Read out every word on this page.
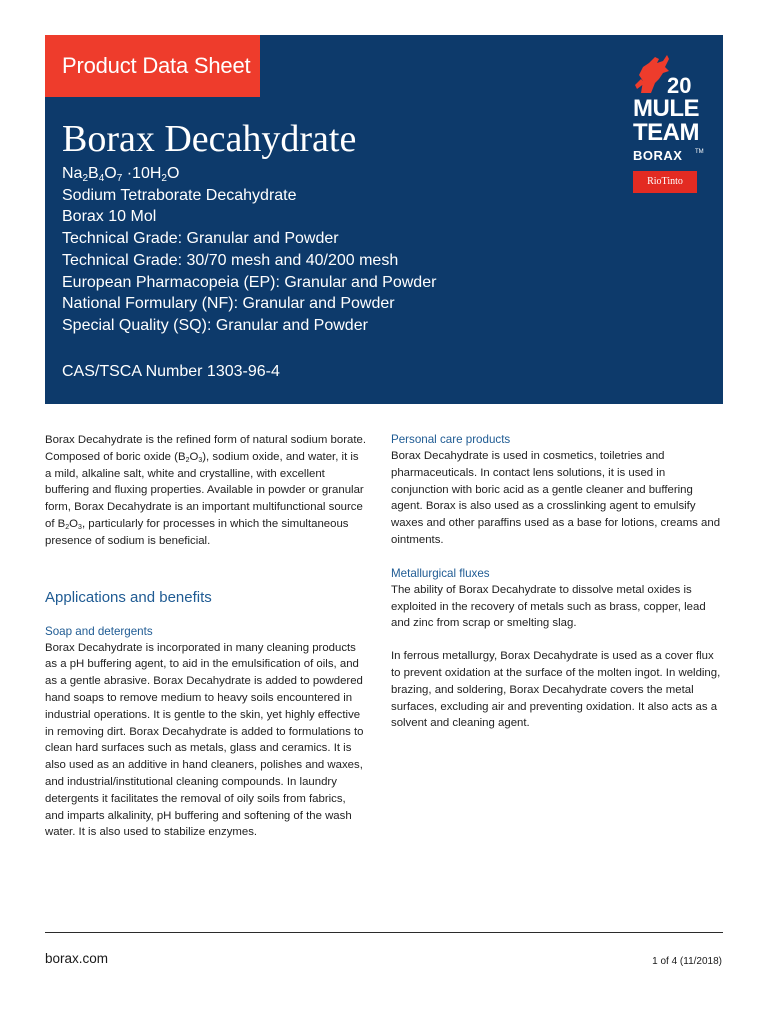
Product Data Sheet
Borax Decahydrate
$Na_2B_4O_7 \cdot 10H_2O$
Sodium Tetraborate Decahydrate
Borax 10 Mol
Technical Grade: Granular and Powder
Technical Grade: 30/70 mesh and 40/200 mesh
European Pharmacopeia (EP): Granular and Powder
National Formulary (NF): Granular and Powder
Special Quality (SQ): Granular and Powder
CAS/TSCA Number 1303-96-4
20
MULE
TEAM
BORAX TM
RioTinto

Borax Decahydrate is the refined form of natural sodium borate. Composed of boric oxide $(B_2O_3)$, sodium oxide, and water, it is a mild, alkaline salt, white and crystalline, with excellent buffering and fluxing properties. Available in powder or granular form, Borax Decahydrate is an important multifunctional source of $B_2O_3$, particularly for processes in which the simultaneous presence of sodium is beneficial.

Applications and benefits
Soap and detergents

Borax Decahydrate is incorporated in many cleaning products as a pH buffering agent, to aid in the emulsification of oils, and as a gentle abrasive. Borax Decahydrate is added to powdered hand soaps to remove medium to heavy soils encountered in industrial operations. It is gentle to the skin, yet highly effective in removing dirt. Borax Decahydrate is added to formulations to clean hard surfaces such as metals, glass and ceramics. It is also used as an additive in hand cleaners, polishes and waxes, and industrial/institutional cleaning compounds. In laundry detergents it facilitates the removal of oily soils from fabrics, and imparts alkalinity, pH buffering and softening of the wash water. It is also used to stabilize enzymes.

Personal care products

Borax Decahydrate is used in cosmetics, toiletries and pharmaceuticals. In contact lens solutions, it is used in conjunction with boric acid as a gentle cleaner and buffering agent. Borax is also used as a crosslinking agent to emulsify waxes and other paraffins used as a base for lotions, creams and ointments.

Metallurgical fluxes

The ability of Borax Decahydrate to dissolve metal oxides is exploited in the recovery of metals such as brass, copper, lead and zinc from scrap or smelting slag.

In ferrous metallurgy, Borax Decahydrate is used as a cover flux to prevent oxidation at the surface of the molten ingot. In welding, brazing, and soldering, Borax Decahydrate covers the metal surfaces, excluding air and preventing oxidation. It also acts as a solvent and cleaning agent.

borax.com	1 of 4 (11/2018)
